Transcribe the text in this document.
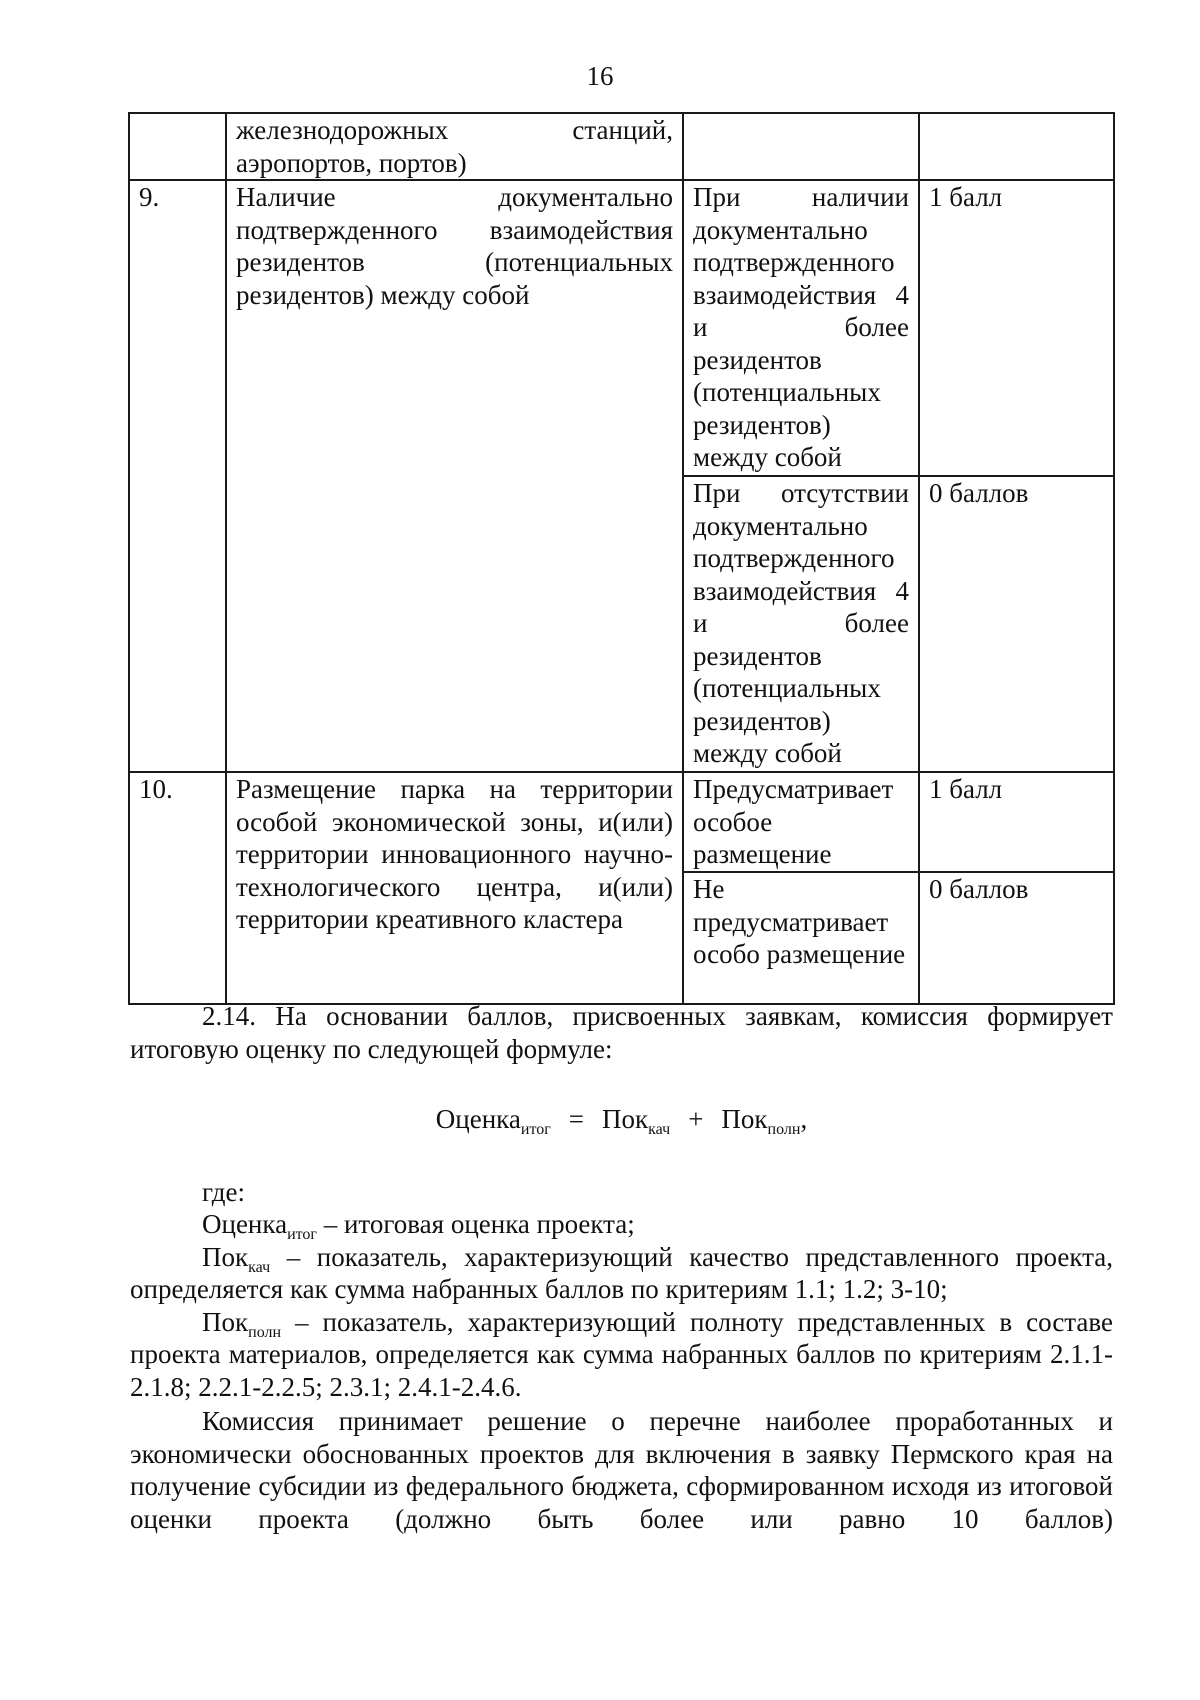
16
	железнодорожных станций, аэропортов, портов)		
9.	Наличие документально подтвержденного взаимодействия резидентов (потенциальных резидентов) между собой	При наличии документально подтвержденного взаимодействия 4 и более резидентов (потенциальных резидентов) между собой	1 балл
		При отсутствии документально подтвержденного взаимодействия 4 и более резидентов (потенциальных резидентов) между собой	0 баллов
10.	Размещение парка на территории особой экономической зоны, и(или) территории инновационного научно-технологического центра, и(или) территории креативного кластера	Предусматривает особое размещение	1 балл
		Не предусматривает особо размещение	0 баллов

2.14. На основании баллов, присвоенных заявкам, комиссия формирует итоговую оценку по следующей формуле:

Оценка$_{итог}$ = Пок$_{кач}$ + Пок$_{полн}$,

где:

Оценка$_{итог}$ – итоговая оценка проекта;

Пок$_{кач}$ – показатель, характеризующий качество представленного проекта, определяется как сумма набранных баллов по критериям 1.1; 1.2; 3-10;

Пок$_{полн}$ – показатель, характеризующий полноту представленных в составе проекта материалов, определяется как сумма набранных баллов по критериям 2.1.1-2.1.8; 2.2.1-2.2.5; 2.3.1; 2.4.1-2.4.6.

Комиссия принимает решение о перечне наиболее проработанных и экономически обоснованных проектов для включения в заявку Пермского края на получение субсидии из федерального бюджета, сформированном исходя из итоговой оценки проекта (должно быть более или равно 10 баллов)
